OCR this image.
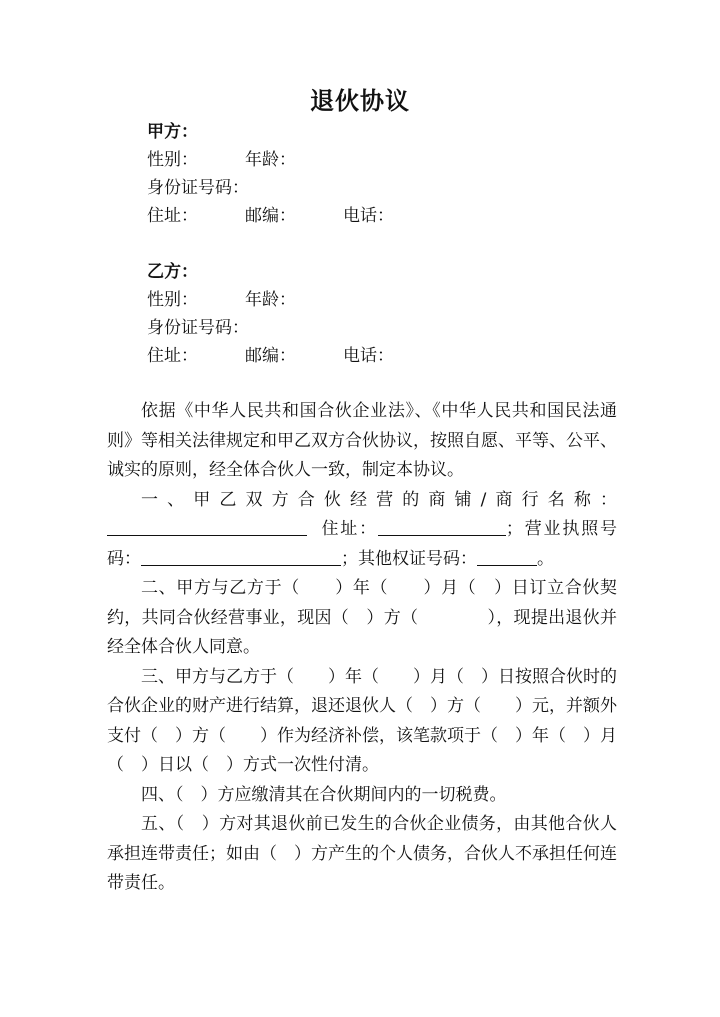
退伙协议
甲方：
性别：	年龄：
身份证号码：
住址：	邮编：	电话：
乙方：
性别：	年龄：
身份证号码：
住址：	邮编：	电话：

依据《中华人民共和国合伙企业法》、《中华人民共和国民法通则》等相关法律规定和甲乙双方合伙协议，按照自愿、平等、公平、诚实的原则，经全体合伙人一致，制定本协议。

一、甲乙双方合伙经营的商铺/商行名称：  住址：	；营业执照号码：	；其他权证号码：	。

二、甲方与乙方于（　　）年（　　）月（　）日订立合伙契约，共同合伙经营事业，现因（　）方（　　　　），现提出退伙并经全体合伙人同意。

三、甲方与乙方于（　　）年（　　）月（　）日按照合伙时的合伙企业的财产进行结算，退还退伙人（　）方（　　）元，并额外支付（　）方（　　）作为经济补偿，该笔款项于（　）年（　）月（　）日以（　）方式一次性付清。

四、（　）方应缴清其在合伙期间内的一切税费。

五、（　）方对其退伙前已发生的合伙企业债务，由其他合伙人承担连带责任；如由（　）方产生的个人债务，合伙人不承担任何连带责任。
